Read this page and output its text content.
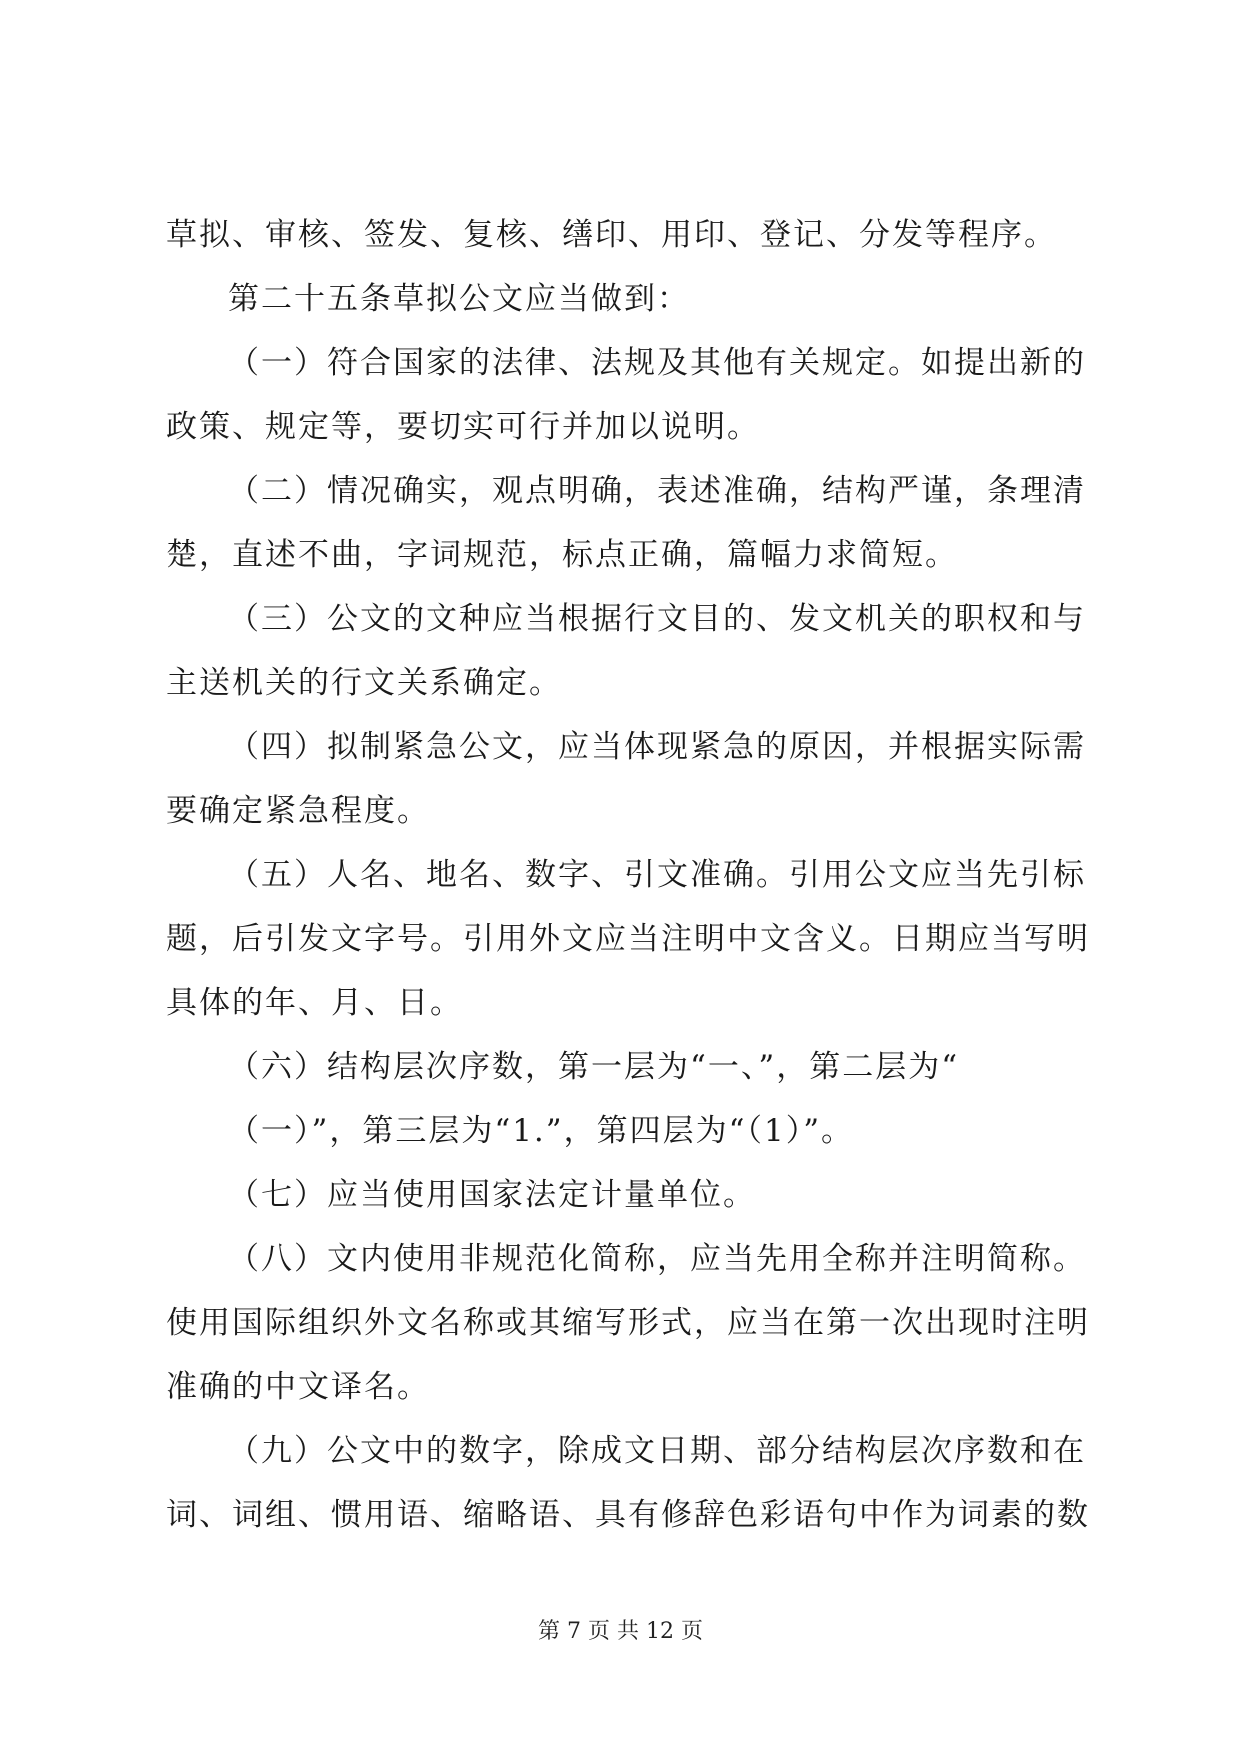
草拟、审核、签发、复核、缮印、用印、登记、分发等程序。
第二十五条草拟公文应当做到：
（一）符合国家的法律、法规及其他有关规定。如提出新的
政策、规定等，要切实可行并加以说明。
（二）情况确实，观点明确，表述准确，结构严谨，条理清
楚，直述不曲，字词规范，标点正确，篇幅力求简短。
（三）公文的文种应当根据行文目的、发文机关的职权和与
主送机关的行文关系确定。
（四）拟制紧急公文，应当体现紧急的原因，并根据实际需
要确定紧急程度。
（五）人名、地名、数字、引文准确。引用公文应当先引标
题，后引发文字号。引用外文应当注明中文含义。日期应当写明
具体的年、月、日。
（六）结构层次序数，第一层为“一、”，第二层为“
（一）”，第三层为“1.”，第四层为“（1）”。
（七）应当使用国家法定计量单位。
（八）文内使用非规范化简称，应当先用全称并注明简称。
使用国际组织外文名称或其缩写形式，应当在第一次出现时注明
准确的中文译名。
（九）公文中的数字，除成文日期、部分结构层次序数和在
词、词组、惯用语、缩略语、具有修辞色彩语句中作为词素的数
第 7 页 共 12 页
